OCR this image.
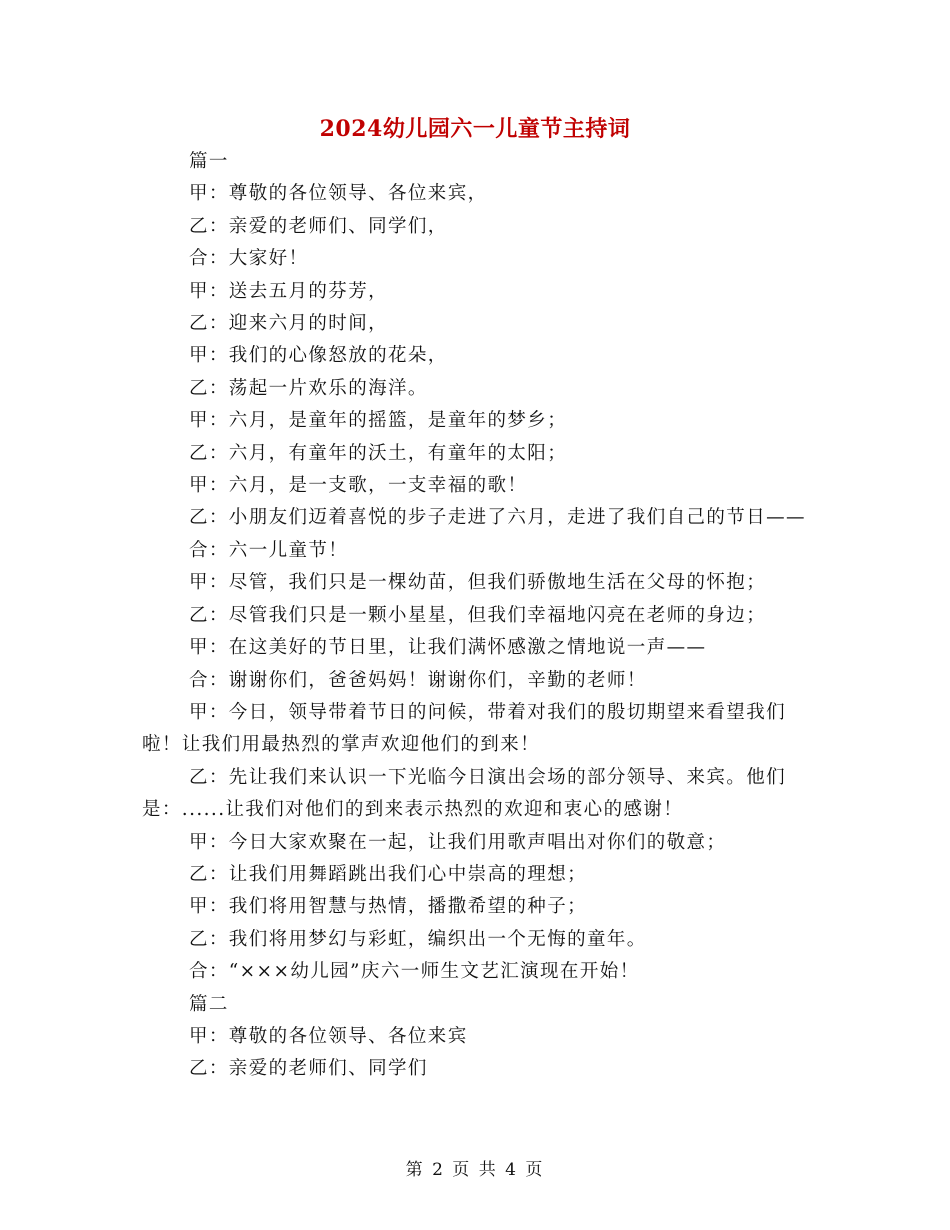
2024幼儿园六一儿童节主持词

篇一

甲：尊敬的各位领导、各位来宾，

乙：亲爱的老师们、同学们，

合：大家好！

甲：送去五月的芬芳，

乙：迎来六月的时间，

甲：我们的心像怒放的花朵，

乙：荡起一片欢乐的海洋。

甲：六月，是童年的摇篮，是童年的梦乡；

乙：六月，有童年的沃土，有童年的太阳；

甲：六月，是一支歌，一支幸福的歌！

乙：小朋友们迈着喜悦的步子走进了六月，走进了我们自己的节日——

合：六一儿童节！

甲：尽管，我们只是一棵幼苗，但我们骄傲地生活在父母的怀抱；

乙：尽管我们只是一颗小星星，但我们幸福地闪亮在老师的身边；

甲：在这美好的节日里，让我们满怀感激之情地说一声——

合：谢谢你们，爸爸妈妈！谢谢你们，辛勤的老师！

甲：今日，领导带着节日的问候，带着对我们的殷切期望来看望我们啦！让我们用最热烈的掌声欢迎他们的到来！

乙：先让我们来认识一下光临今日演出会场的部分领导、来宾。他们是：......让我们对他们的到来表示热烈的欢迎和衷心的感谢！

甲：今日大家欢聚在一起，让我们用歌声唱出对你们的敬意；

乙：让我们用舞蹈跳出我们心中崇高的理想；

甲：我们将用智慧与热情，播撒希望的种子；

乙：我们将用梦幻与彩虹，编织出一个无悔的童年。

合：“×××幼儿园”庆六一师生文艺汇演现在开始！

篇二

甲：尊敬的各位领导、各位来宾

乙：亲爱的老师们、同学们

第 2 页 共 4 页
